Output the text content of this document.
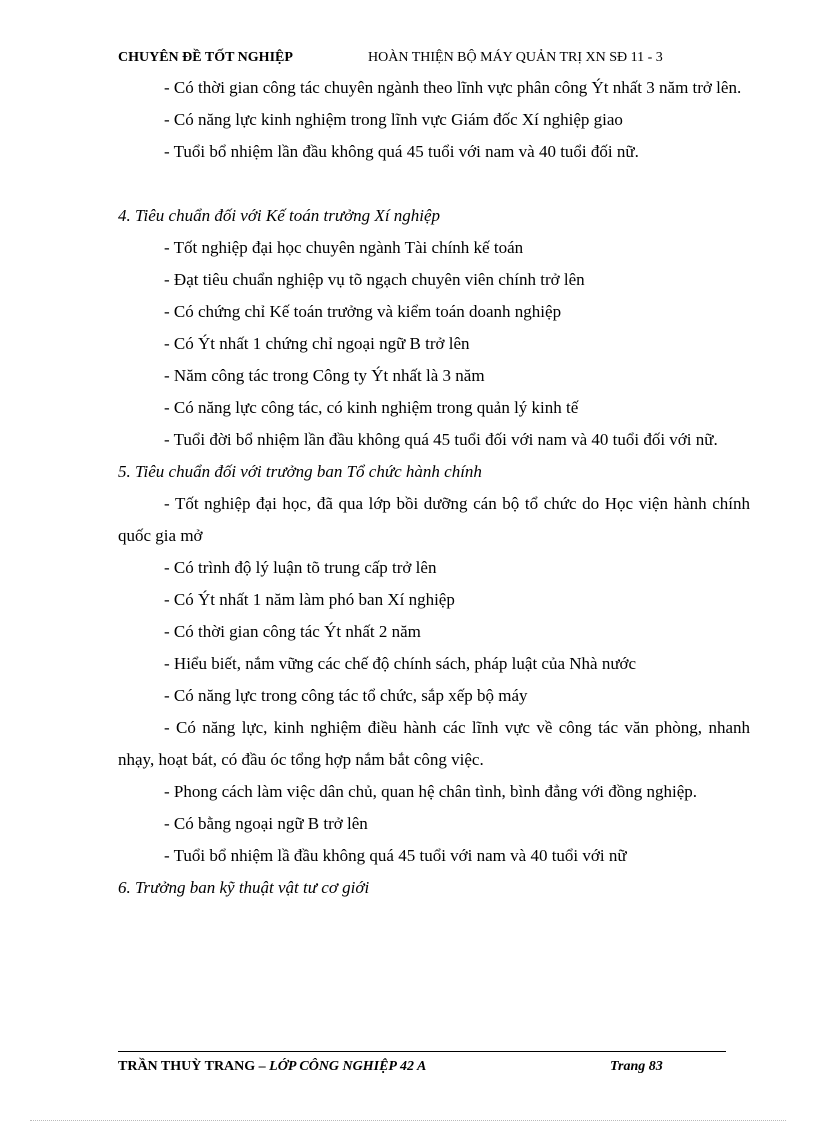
CHUYÊN ĐỀ TỐT NGHIỆP	HOÀN THIỆN BỘ MÁY QUẢN TRỊ XN SĐ 11 - 3

- Có thời gian công tác chuyên ngành theo lĩnh vực phân công Ýt nhất 3 năm trở lên.

- Có năng lực kinh nghiệm trong lĩnh vực Giám đốc Xí nghiệp giao

- Tuổi bổ nhiệm lần đầu không quá 45 tuổi với nam và 40 tuổi đối nữ.

4. Tiêu chuẩn đối với Kế toán trưởng Xí nghiệp

- Tốt nghiệp đại học chuyên ngành Tài chính kế toán

- Đạt tiêu chuẩn nghiệp vụ tõ ngạch chuyên viên chính trở lên

- Có chứng chỉ Kế toán trưởng và kiểm toán doanh nghiệp

- Có Ýt nhất 1 chứng chỉ ngoại ngữ B trở lên

- Năm công tác trong Công ty Ýt nhất là 3 năm

- Có năng lực công tác, có kinh nghiệm trong quản lý kinh tế

- Tuổi đời bổ nhiệm lần đầu không quá 45 tuổi đối với nam và 40 tuổi đối với nữ.

5. Tiêu chuẩn đối với trưởng ban Tổ chức hành chính

- Tốt nghiệp đại học, đã qua lớp bồi dưỡng cán bộ tổ chức do Học viện hành chính quốc gia mở

- Có trình độ lý luận tõ trung cấp trở lên

- Có Ýt nhất 1 năm làm phó ban Xí nghiệp

- Có thời gian công tác Ýt nhất 2 năm

- Hiểu biết, nắm vững các chế độ chính sách, pháp luật của Nhà nước

- Có năng lực trong công tác tổ chức, sắp xếp bộ máy

- Có năng lực, kinh nghiệm điều hành các lĩnh vực về công tác văn phòng, nhanh nhạy, hoạt bát, có đầu óc tổng hợp nắm bắt công việc.

- Phong cách làm việc dân chủ, quan hệ chân tình, bình đẳng với đồng nghiệp.

- Có bằng ngoại ngữ B trở lên

- Tuổi bổ nhiệm lầ đầu không quá 45 tuổi với nam và 40 tuổi với nữ

6. Trưởng ban kỹ thuật vật tư cơ giới

TRẦN THUỲ TRANG – LỚP CÔNG NGHIỆP 42 A	Trang 83
